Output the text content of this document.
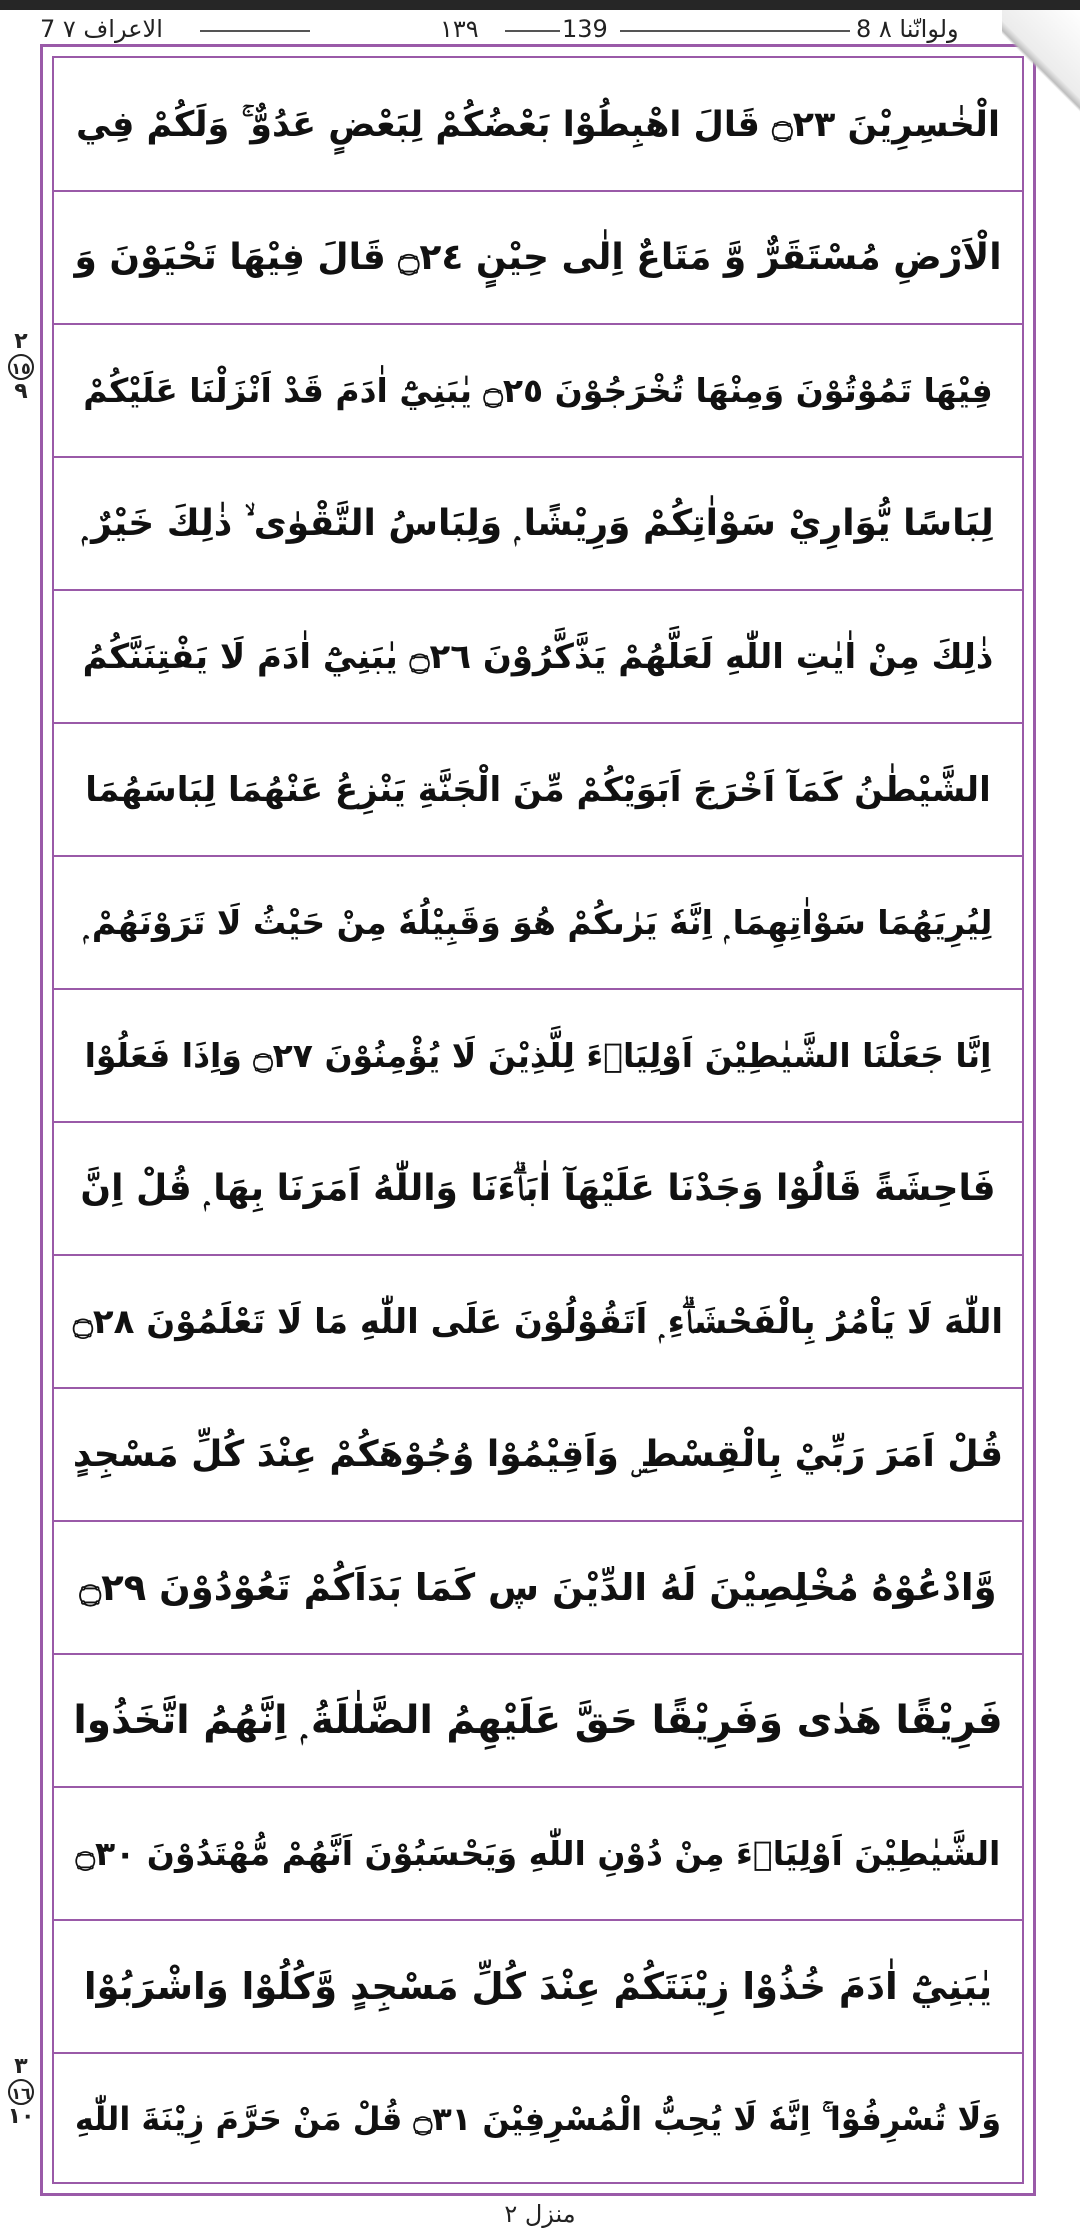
7 الاعراف ٧	١٣٩	139	8 ولوانّنا ٨
الْخٰسِرِيْنَ ۝٢٣ قَالَ اهْبِطُوْا بَعْضُكُمْ لِبَعْضٍ عَدُوٌّ ۚ وَلَكُمْ فِي
الْاَرْضِ مُسْتَقَرٌّ وَّ مَتَاعٌ اِلٰى حِيْنٍ ۝٢٤ قَالَ فِيْهَا تَحْيَوْنَ وَ
فِيْهَا تَمُوْتُوْنَ وَمِنْهَا تُخْرَجُوْنَ ۝٢٥ يٰبَنِيْٓ اٰدَمَ قَدْ اَنْزَلْنَا عَلَيْكُمْ
لِبَاسًا يُّوَارِيْ سَوْاٰتِكُمْ وَرِيْشًا ۭ وَلِبَاسُ التَّقْوٰى ۙ ذٰلِكَ خَيْرٌ ۭ
ذٰلِكَ مِنْ اٰيٰتِ اللّٰهِ لَعَلَّهُمْ يَذَّكَّرُوْنَ ۝٢٦ يٰبَنِيْٓ اٰدَمَ لَا يَفْتِنَنَّكُمُ
الشَّيْطٰنُ كَمَآ اَخْرَجَ اَبَوَيْكُمْ مِّنَ الْجَنَّةِ يَنْزِعُ عَنْهُمَا لِبَاسَهُمَا
لِيُرِيَهُمَا سَوْاٰتِهِمَا ۭ اِنَّهٗ يَرٰىكُمْ هُوَ وَقَبِيْلُهٗ مِنْ حَيْثُ لَا تَرَوْنَهُمْ ۭ
اِنَّا جَعَلْنَا الشَّيٰطِيْنَ اَوْلِيَاۗءَ لِلَّذِيْنَ لَا يُؤْمِنُوْنَ ۝٢٧ وَاِذَا فَعَلُوْا
فَاحِشَةً قَالُوْا وَجَدْنَا عَلَيْهَآ اٰبَاۗءَنَا وَاللّٰهُ اَمَرَنَا بِهَا ۭ قُلْ اِنَّ
اللّٰهَ لَا يَاْمُرُ بِالْفَحْشَاۗءِ ۭ اَتَقُوْلُوْنَ عَلَى اللّٰهِ مَا لَا تَعْلَمُوْنَ ۝٢٨
قُلْ اَمَرَ رَبِّيْ بِالْقِسْطِ ۣ وَاَقِيْمُوْا وُجُوْهَكُمْ عِنْدَ كُلِّ مَسْجِدٍ
وَّادْعُوْهُ مُخْلِصِيْنَ لَهُ الدِّيْنَ ڛ كَمَا بَدَاَكُمْ تَعُوْدُوْنَ ۝٢٩
فَرِيْقًا هَدٰى وَفَرِيْقًا حَقَّ عَلَيْهِمُ الضَّلٰلَةُ ۭ اِنَّهُمُ اتَّخَذُوا
الشَّيٰطِيْنَ اَوْلِيَاۗءَ مِنْ دُوْنِ اللّٰهِ وَيَحْسَبُوْنَ اَنَّهُمْ مُّهْتَدُوْنَ ۝٣٠
يٰبَنِيْٓ اٰدَمَ خُذُوْا زِيْنَتَكُمْ عِنْدَ كُلِّ مَسْجِدٍ وَّكُلُوْا وَاشْرَبُوْا
وَلَا تُسْرِفُوْا ۚ اِنَّهٗ لَا يُحِبُّ الْمُسْرِفِيْنَ ۝٣١ قُلْ مَنْ حَرَّمَ زِيْنَةَ اللّٰهِ
٢
١٥
٩
٣
١٦
١٠
منزل ٢
